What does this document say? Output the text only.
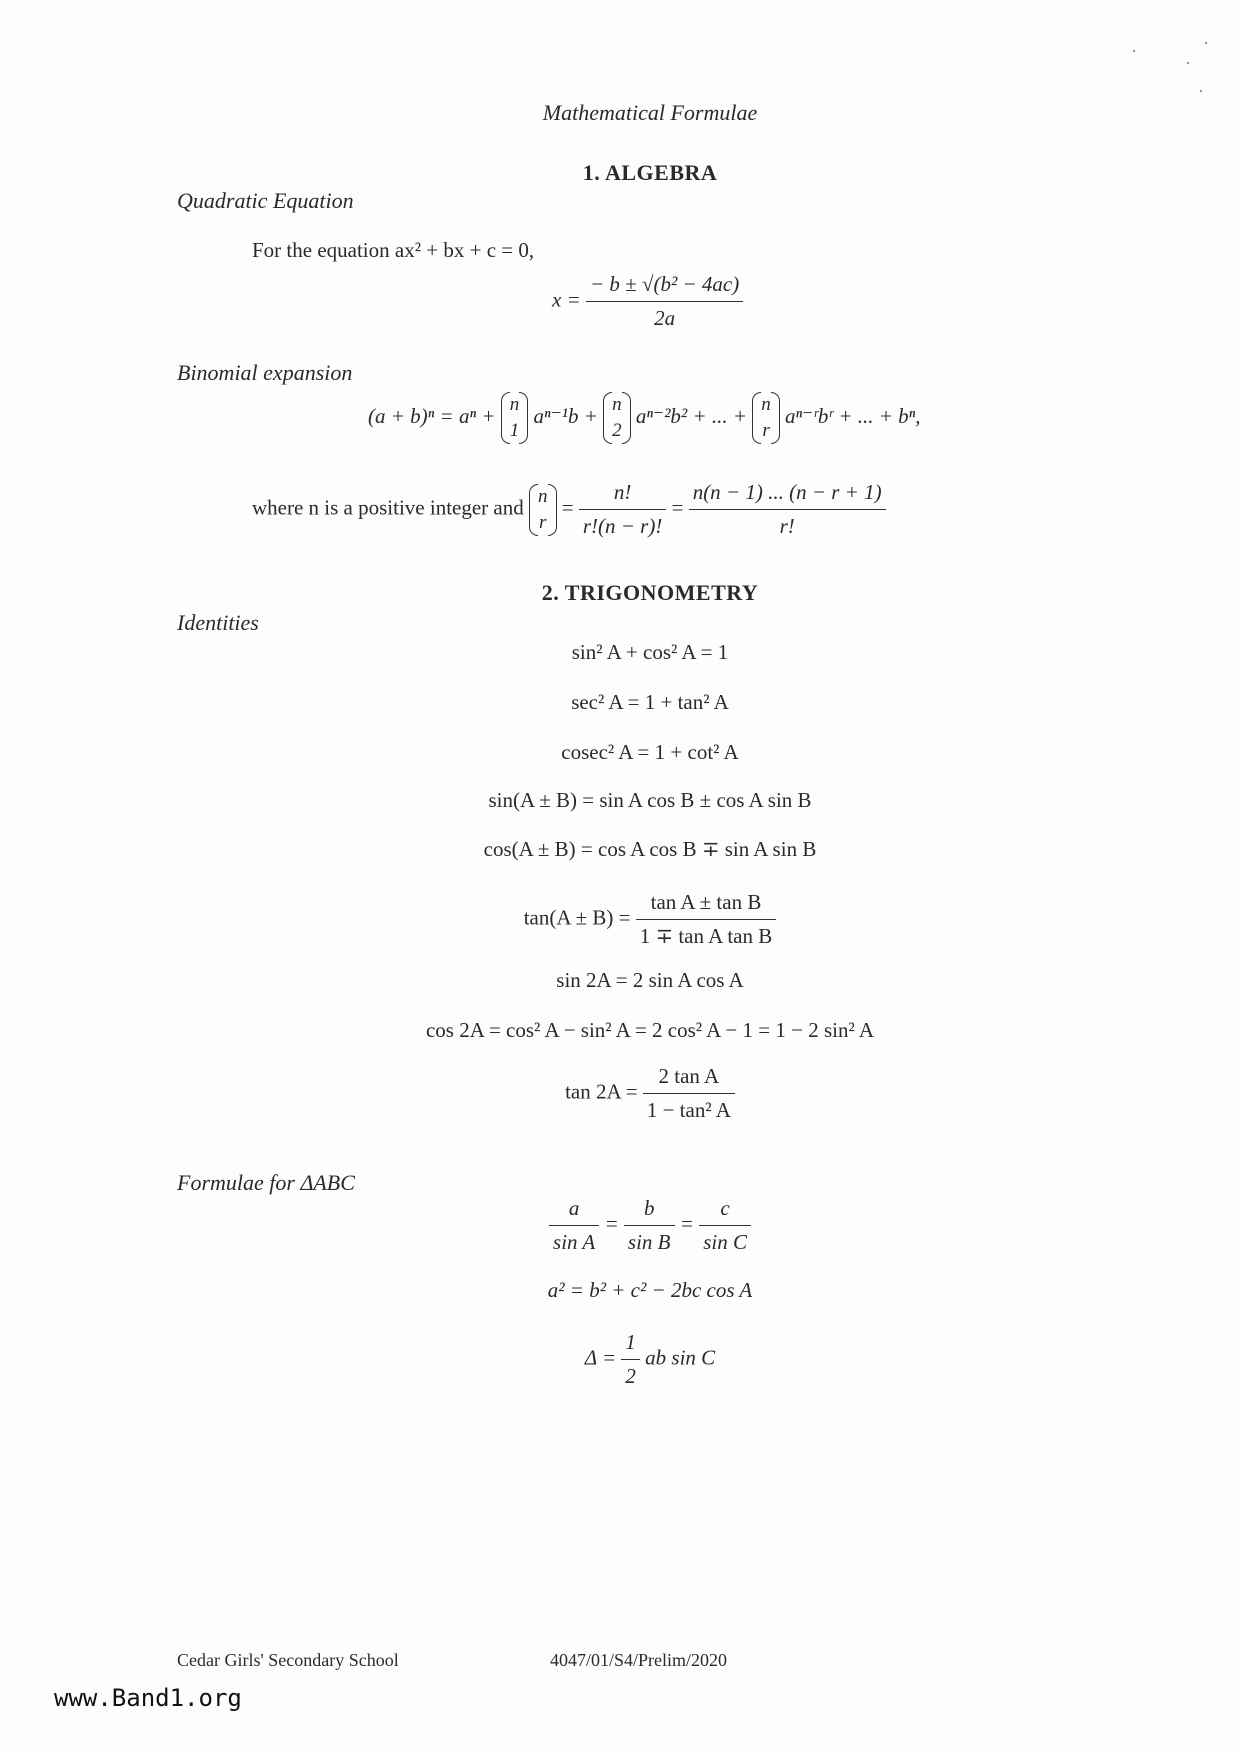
Mathematical Formulae
1. ALGEBRA
Quadratic Equation
For the equation ax² + bx + c = 0,
$x = \frac{\text{− b ± √(b² − 4ac)}}{2a}$
Binomial expansion
(a + b)ⁿ = aⁿ + n
1
aⁿ⁻¹b + n
2
aⁿ⁻²b² + ... + n
r
aⁿ⁻ʳbʳ + ... + bⁿ,
where n is a positive integer and n
r
= $\frac{n!}{r!(n - r)!} = \frac{n(n - 1) ... (n - r + 1)}{r!}$
2. TRIGONOMETRY
Identities
sin² A + cos² A = 1
sec² A = 1 + tan² A
cosec² A = 1 + cot² A
sin(A ± B) = sin A cos B ± cos A sin B
cos(A ± B) = cos A cos B ∓ sin A sin B
$\tan(A \pm B) = \frac{\text{tan A ± tan B}}{\text{1 ∓ tan A tan B}}$
sin 2A = 2 sin A cos A
cos 2A = cos² A − sin² A = 2 cos² A − 1 = 1 − 2 sin² A
$\tan 2A = \frac{\text{2 tan A}}{\text{1 − tan² A}}$
Formulae for ΔABC
$\frac{a}{\text{sin A}} = \frac{b}{\text{sin B}} = \frac{c}{\text{sin C}}$
a² = b² + c² − 2bc cos A
$\Delta = \frac{1}{2}$ ab sin C
Cedar Girls' Secondary School	4047/01/S4/Prelim/2020
www.Band1.org
